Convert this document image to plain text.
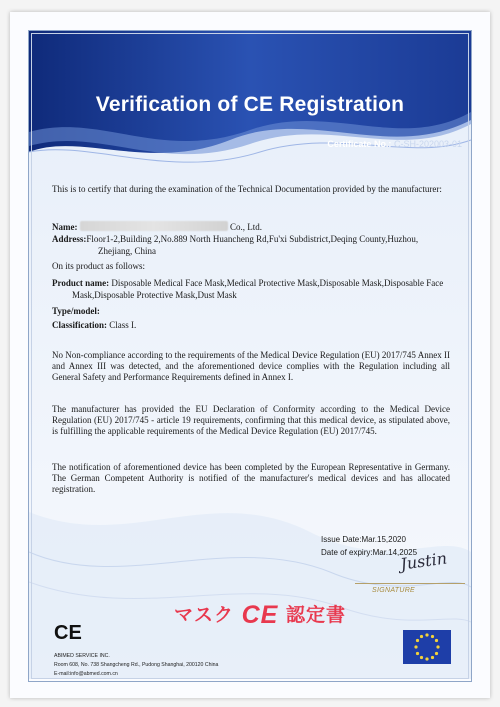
Verification of CE Registration
Certificate No.: C-SH-202003-01
This is to certify that during the examination of the Technical Documentation provided by the manufacturer:
Name:	Co., Ltd.
Address:Floor1-2,Building 2,No.889 North Huancheng Rd,Fu'xi Subdistrict,Deqing County,Huzhou,
Zhejiang, China
On its product as follows:
Product name: Disposable Medical Face Mask,Medical Protective Mask,Disposable Mask,Disposable Face
Mask,Disposable Protective Mask,Dust Mask
Type/model:
Classification: Class I.
No Non-compliance according to the requirements of the Medical Device Regulation (EU) 2017/745 Annex II and Annex III was detected, and the aforementioned device complies with the Regulation including all General Safety and Performance Requirements defined in Annex I.
The manufacturer has provided the EU Declaration of Conformity according to the Medical Device Regulation (EU) 2017/745 - article 19 requirements, confirming that this medical device, as stipulated above, is fulfilling the applicable requirements of the Medical Device Regulation (EU) 2017/745.
The notification of aforementioned device has been completed by the European Representative in Germany. The German Competent Authority is notified of the manufacturer's medical devices and has allocated registration.
Issue Date:Mar.15,2020
Date of expiry:Mar.14,2025
Justin
SIGNATURE
マスク CE 認定書
CE
ABIMED SERVICE INC.
Room 608, No. 738 Shangcheng Rd., Pudong Shanghai, 200120 China
E-mail:info@abmed.com.cn
